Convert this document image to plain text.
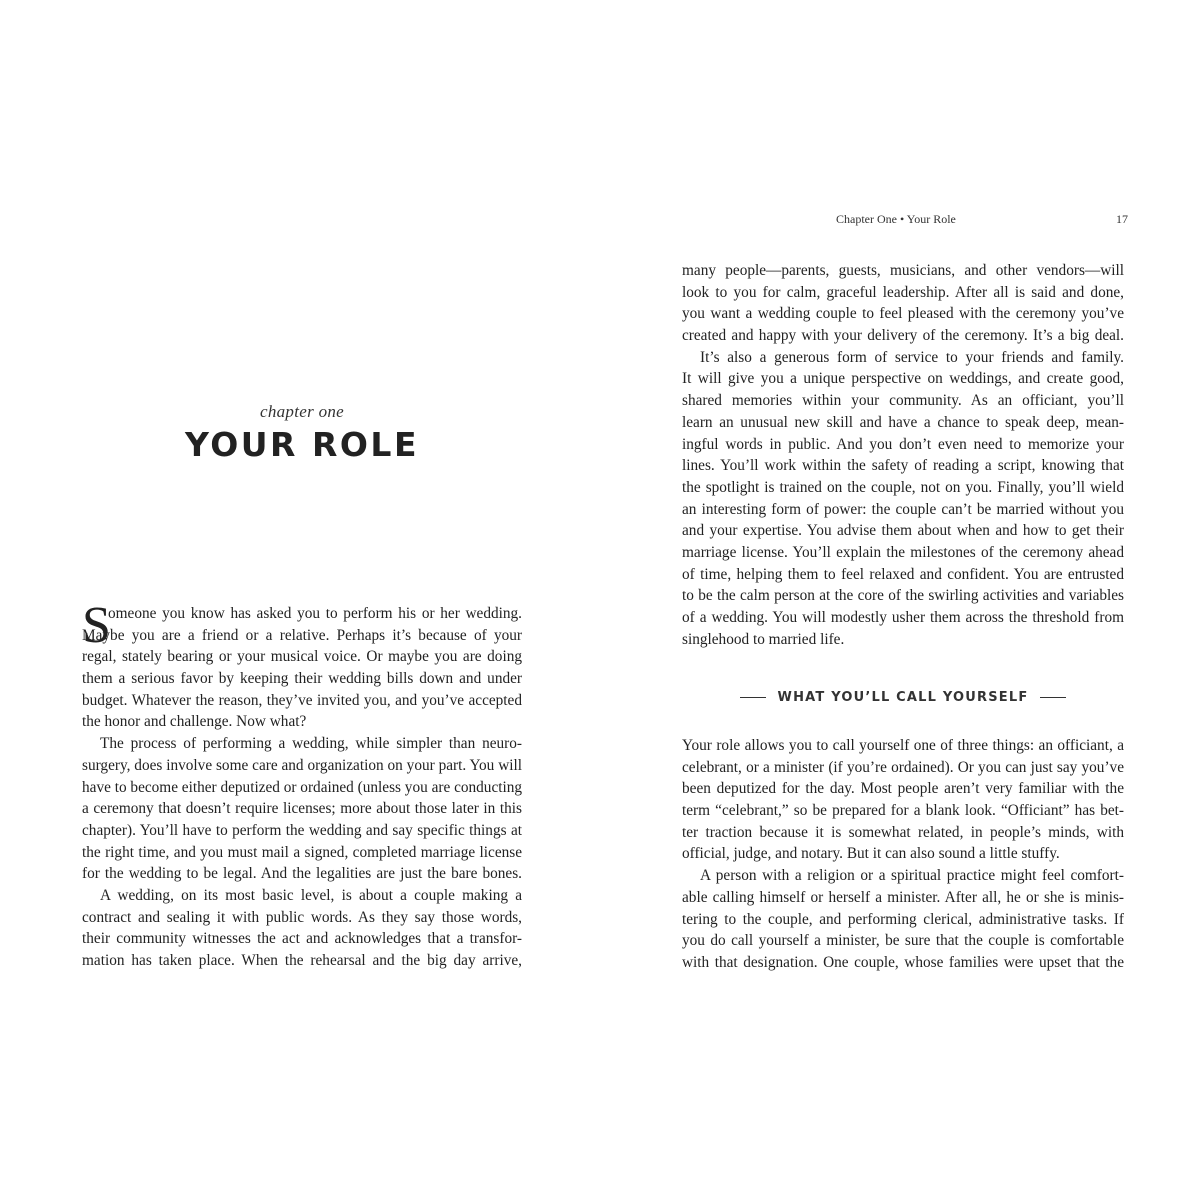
chapter one
YOUR ROLE
S
omeone you know has asked you to perform his or her wedding.
Maybe you are a friend or a relative. Perhaps it’s because of your
regal, stately bearing or your musical voice. Or maybe you are doing
them a serious favor by keeping their wedding bills down and under
budget. Whatever the reason, they’ve invited you, and you’ve accepted
the honor and challenge. Now what?
The process of performing a wedding, while simpler than neuro-
surgery, does involve some care and organization on your part. You will
have to become either deputized or ordained (unless you are conducting
a ceremony that doesn’t require licenses; more about those later in this
chapter). You’ll have to perform the wedding and say specific things at
the right time, and you must mail a signed, completed marriage license
for the wedding to be legal. And the legalities are just the bare bones.
A wedding, on its most basic level, is about a couple making a
contract and sealing it with public words. As they say those words,
their community witnesses the act and acknowledges that a transfor-
mation has taken place. When the rehearsal and the big day arrive,
Chapter One • Your Role	17
many people—parents, guests, musicians, and other vendors—will
look to you for calm, graceful leadership. After all is said and done,
you want a wedding couple to feel pleased with the ceremony you’ve
created and happy with your delivery of the ceremony. It’s a big deal.
It’s also a generous form of service to your friends and family.
It will give you a unique perspective on weddings, and create good,
shared memories within your community. As an officiant, you’ll
learn an unusual new skill and have a chance to speak deep, mean-
ingful words in public. And you don’t even need to memorize your
lines. You’ll work within the safety of reading a script, knowing that
the spotlight is trained on the couple, not on you. Finally, you’ll wield
an interesting form of power: the couple can’t be married without you
and your expertise. You advise them about when and how to get their
marriage license. You’ll explain the milestones of the ceremony ahead
of time, helping them to feel relaxed and confident. You are entrusted
to be the calm person at the core of the swirling activities and variables
of a wedding. You will modestly usher them across the threshold from
singlehood to married life.
WHAT YOU’LL CALL YOURSELF
Your role allows you to call yourself one of three things: an officiant, a
celebrant, or a minister (if you’re ordained). Or you can just say you’ve
been deputized for the day. Most people aren’t very familiar with the
term “celebrant,” so be prepared for a blank look. “Officiant” has bet-
ter traction because it is somewhat related, in people’s minds, with
official, judge, and notary. But it can also sound a little stuffy.
A person with a religion or a spiritual practice might feel comfort-
able calling himself or herself a minister. After all, he or she is minis-
tering to the couple, and performing clerical, administrative tasks. If
you do call yourself a minister, be sure that the couple is comfortable
with that designation. One couple, whose families were upset that the
